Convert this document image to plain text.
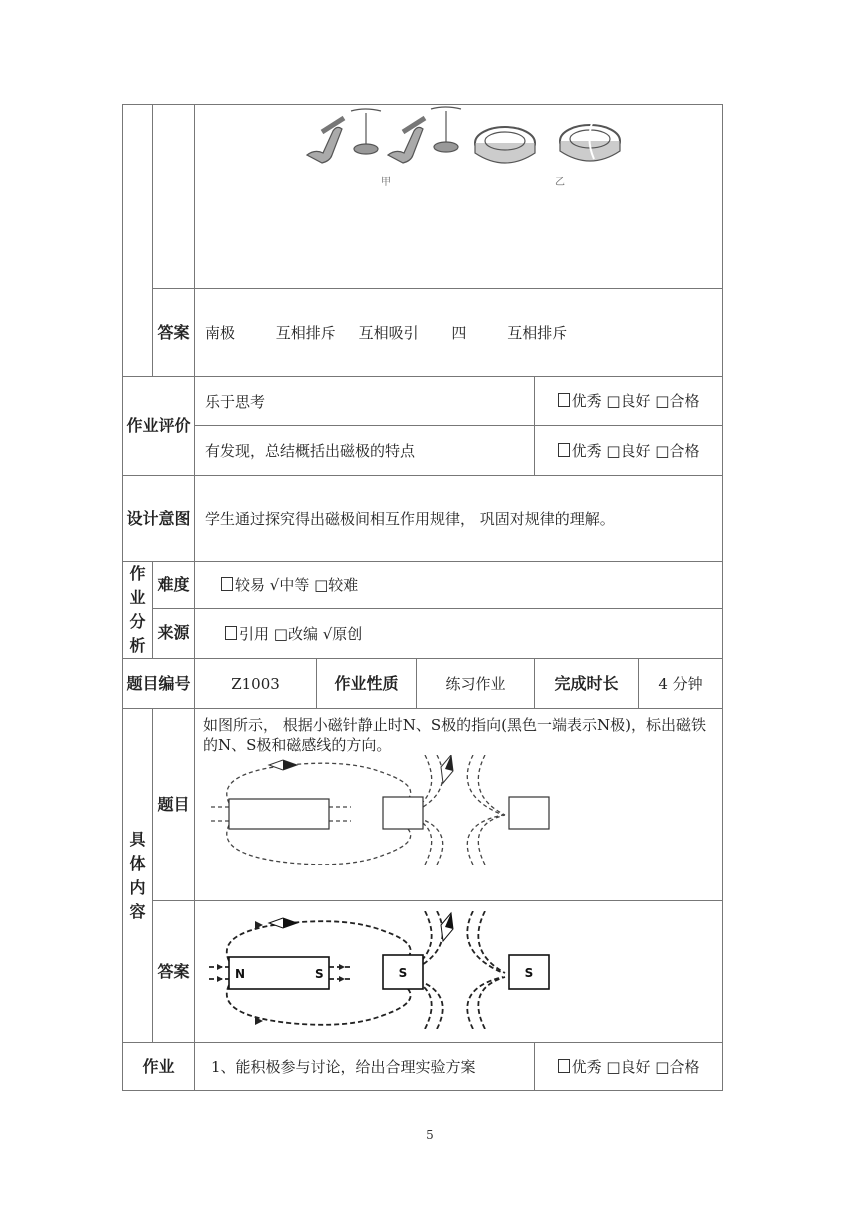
甲 乙				

	答案	南极 互相排斥 互相吸引 四 互相排斥				
作业评价		乐于思考			优秀 □良好 □合格	
		有发现，总结概括出磁极的特点			优秀 □良好 □合格	
设计意图		学生通过探究得出磁极间相互作用规律， 巩固对规律的理解。				
作业分析	难度	较易 √中等 □较难				
	来源	引用 □改编 √原创				
题目编号		Z1003	作业性质	练习作业	完成时长	4 分钟
具体内容	题目	如图所示， 根据小磁针静止时N、S极的指向(黑色一端表示N极)，标出磁铁的N、S极和磁感线的方向。				

	答案	N S S S				

作业		1、能积极参与讨论，给出合理实验方案			优秀 □良好 □合格	
5
